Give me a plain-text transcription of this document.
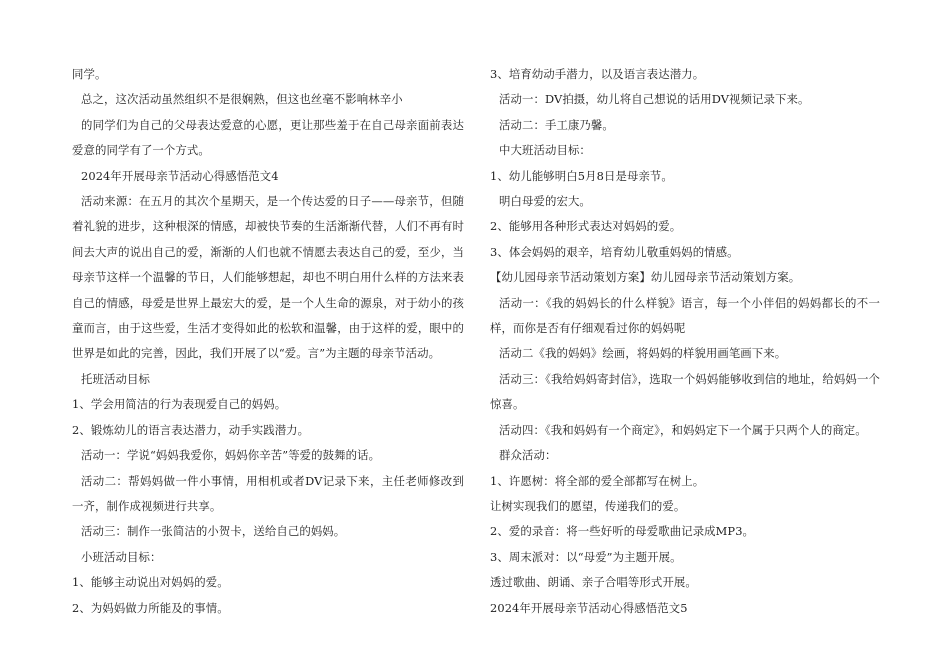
同学。

总之，这次活动虽然组织不是很娴熟，但这也丝毫不影响林辛小

的同学们为自己的父母表达爱意的心愿，更让那些羞于在自己母亲面前表达爱意的同学有了一个方式。

2024年开展母亲节活动心得感悟范文4

活动来源：在五月的其次个星期天，是一个传达爱的日子——母亲节，但随着礼貌的进步，这种根深的情感，却被快节奏的生活渐渐代替，人们不再有时间去大声的说出自己的爱，渐渐的人们也就不情愿去表达自己的爱，至少，当母亲节这样一个温馨的节日，人们能够想起，却也不明白用什么样的方法来表自己的情感，母爱是世界上最宏大的爱，是一个人生命的源泉，对于幼小的孩童而言，由于这些爱，生活才变得如此的松软和温馨，由于这样的爱，眼中的世界是如此的完善，因此，我们开展了以“爱。言”为主题的母亲节活动。

托班活动目标

1、学会用简洁的行为表现爱自己的妈妈。

2、锻炼幼儿的语言表达潜力，动手实践潜力。

活动一：学说“妈妈我爱你，妈妈你辛苦”等爱的鼓舞的话。

活动二：帮妈妈做一件小事情，用相机或者DV记录下来，主任老师修改到一齐，制作成视频进行共享。

活动三：制作一张简洁的小贺卡，送给自己的妈妈。

小班活动目标：

1、能够主动说出对妈妈的爱。

2、为妈妈做力所能及的事情。

3、培育幼动手潜力，以及语言表达潜力。

活动一：DV拍摄，幼儿将自己想说的话用DV视频记录下来。

活动二：手工康乃馨。

中大班活动目标：

1、幼儿能够明白5月8日是母亲节。

明白母爱的宏大。

2、能够用各种形式表达对妈妈的爱。

3、体会妈妈的艰辛，培育幼儿敬重妈妈的情感。

【幼儿园母亲节活动策划方案】幼儿园母亲节活动策划方案。

活动一：《我的妈妈长的什么样貌》语言，每一个小伴侣的妈妈都长的不一样，而你是否有仔细观看过你的妈妈呢

活动二《我的妈妈》绘画，将妈妈的样貌用画笔画下来。

活动三：《我给妈妈寄封信》，选取一个妈妈能够收到信的地址，给妈妈一个惊喜。

活动四：《我和妈妈有一个商定》，和妈妈定下一个属于只两个人的商定。

群众活动：

1、许愿树：将全部的爱全部都写在树上。

让树实现我们的愿望，传递我们的爱。

2、爱的录音：将一些好听的母爱歌曲记录成MP3。

3、周末派对：以“母爱”为主题开展。

透过歌曲、朗诵、亲子合唱等形式开展。

2024年开展母亲节活动心得感悟范文5
